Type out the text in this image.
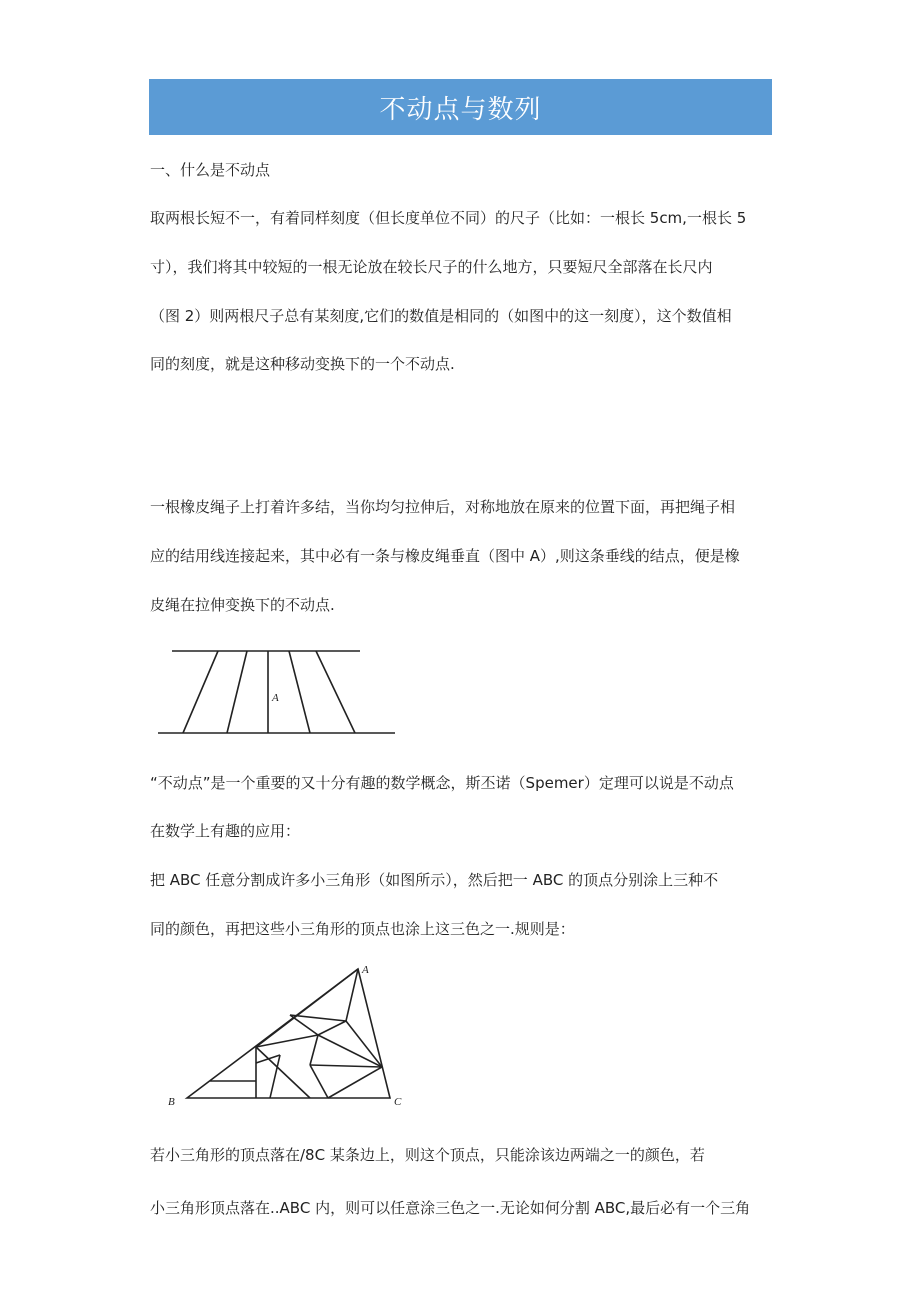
不动点与数列
一、什么是不动点
取两根长短不一，有着同样刻度（但长度单位不同）的尺子（比如：一根长 5cm,一根长 5
寸），我们将其中较短的一根无论放在较长尺子的什么地方，只要短尺全部落在长尺内
（图 2）则两根尺子总有某刻度,它们的数值是相同的（如图中的这一刻度），这个数值相
同的刻度，就是这种移动变换下的一个不动点.
一根橡皮绳子上打着许多结，当你均匀拉伸后，对称地放在原来的位置下面，再把绳子相
应的结用线连接起来，其中必有一条与橡皮绳垂直（图中 A）,则这条垂线的结点，便是橡
皮绳在拉伸变换下的不动点.
A
“不动点”是一个重要的又十分有趣的数学概念，斯丕诺（Spemer）定理可以说是不动点
在数学上有趣的应用：
把 ABC 任意分割成许多小三角形（如图所示），然后把一 ABC 的顶点分别涂上三种不
同的颜色，再把这些小三角形的顶点也涂上这三色之一.规则是：
A
B	C
若小三角形的顶点落在/8C 某条边上，则这个顶点，只能涂该边两端之一的颜色，若
小三角形顶点落在..ABC 内，则可以任意涂三色之一.无论如何分割 ABC,最后必有一个三角
